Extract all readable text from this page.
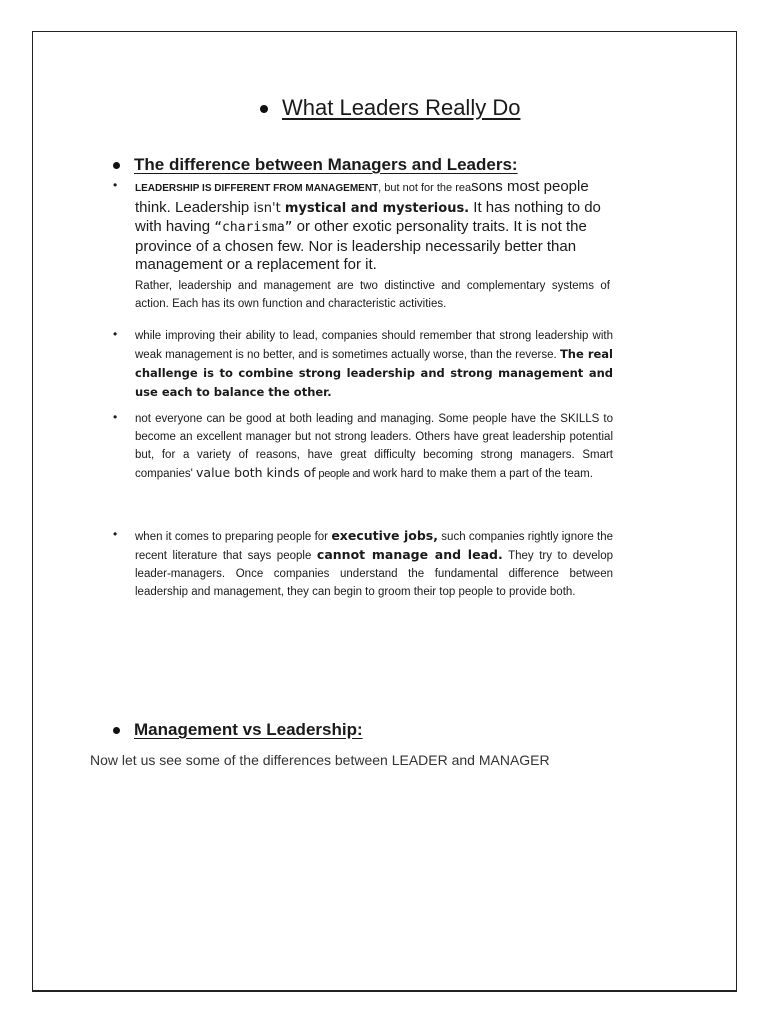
What Leaders Really Do
The difference between Managers and Leaders:
• LEADERSHIP IS DIFFERENT FROM MANAGEMENT, but not for the reasons most people think. Leadership isn't mystical and mysterious. It has nothing to do with having “charisma” or other exotic personality traits. It is not the province of a chosen few. Nor is leadership necessarily better than management or a replacement for it.
Rather, leadership and management are two distinctive and complementary systems of action. Each has its own function and characteristic activities.
• while improving their ability to lead, companies should remember that strong leadership with weak management is no better, and is sometimes actually worse, than the reverse. The real challenge is to combine strong leadership and strong management and use each to balance the other.
• not everyone can be good at both leading and managing. Some people have the SKILLS to become an excellent manager but not strong leaders. Others have great leadership potential but, for a variety of reasons, have great difficulty becoming strong managers. Smart companies' value both kinds of people and work hard to make them a part of the team.
• when it comes to preparing people for executive jobs, such companies rightly ignore the recent literature that says people cannot manage and lead. They try to develop leader-managers. Once companies understand the fundamental difference between leadership and management, they can begin to groom their top people to provide both.
Management vs Leadership:
Now let us see some of the differences between LEADER and MANAGER
